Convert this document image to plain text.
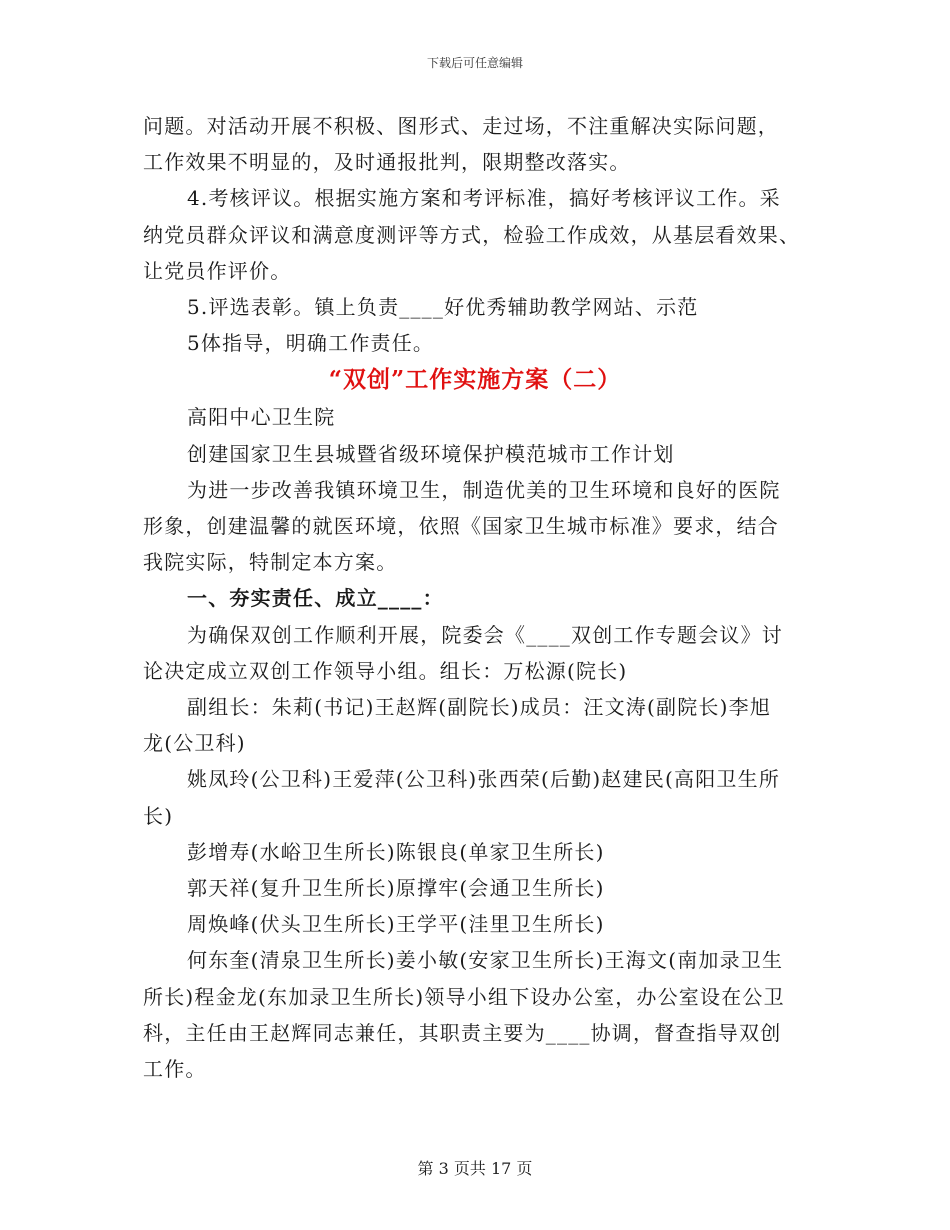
下载后可任意编辑
问题。对活动开展不积极、图形式、走过场，不注重解决实际问题，
工作效果不明显的，及时通报批判，限期整改落实。
4.考核评议。根据实施方案和考评标准，搞好考核评议工作。采
纳党员群众评议和满意度测评等方式，检验工作成效，从基层看效果、
让党员作评价。
5.评选表彰。镇上负责____好优秀辅助教学网站、示范
5体指导，明确工作责任。
“双创”工作实施方案（二）
高阳中心卫生院
创建国家卫生县城暨省级环境保护模范城市工作计划
为进一步改善我镇环境卫生，制造优美的卫生环境和良好的医院
形象，创建温馨的就医环境，依照《国家卫生城市标准》要求，结合
我院实际，特制定本方案。
一、夯实责任、成立____：
为确保双创工作顺利开展，院委会《____双创工作专题会议》讨
论决定成立双创工作领导小组。组长：万松源(院长)
副组长：朱莉(书记)王赵辉(副院长)成员：汪文涛(副院长)李旭
龙(公卫科)
姚凤玲(公卫科)王爱萍(公卫科)张西荣(后勤)赵建民(高阳卫生所
长)
彭增寿(水峪卫生所长)陈银良(单家卫生所长)
郭天祥(复升卫生所长)原撑牢(会通卫生所长)
周焕峰(伏头卫生所长)王学平(洼里卫生所长)
何东奎(清泉卫生所长)姜小敏(安家卫生所长)王海文(南加录卫生
所长)程金龙(东加录卫生所长)领导小组下设办公室，办公室设在公卫
科，主任由王赵辉同志兼任，其职责主要为____协调，督查指导双创
工作。
第 3 页共 17 页
